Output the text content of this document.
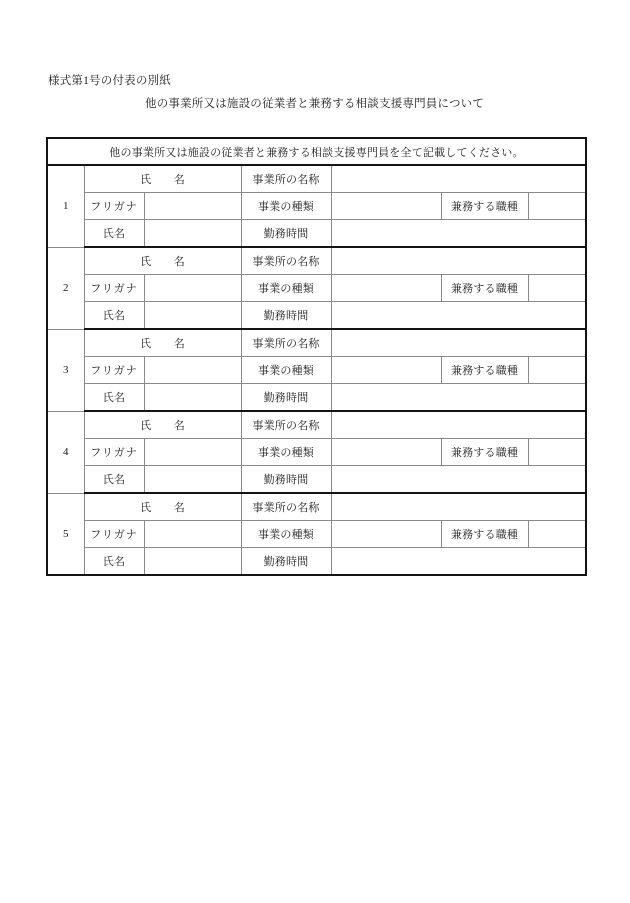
様式第1号の付表の別紙
他の事業所又は施設の従業者と兼務する相談支援専門員について
他の事業所又は施設の従業者と兼務する相談支援専門員を全て記載してください。						
1	氏　　名		事業所の名称			
	フリガナ		事業の種類		兼務する職種	
	氏名		勤務時間			
2	氏　　名		事業所の名称			
	フリガナ		事業の種類		兼務する職種	
	氏名		勤務時間			
3	氏　　名		事業所の名称			
	フリガナ		事業の種類		兼務する職種	
	氏名		勤務時間			
4	氏　　名		事業所の名称			
	フリガナ		事業の種類		兼務する職種	
	氏名		勤務時間			
5	氏　　名		事業所の名称			
	フリガナ		事業の種類		兼務する職種	
	氏名		勤務時間			
